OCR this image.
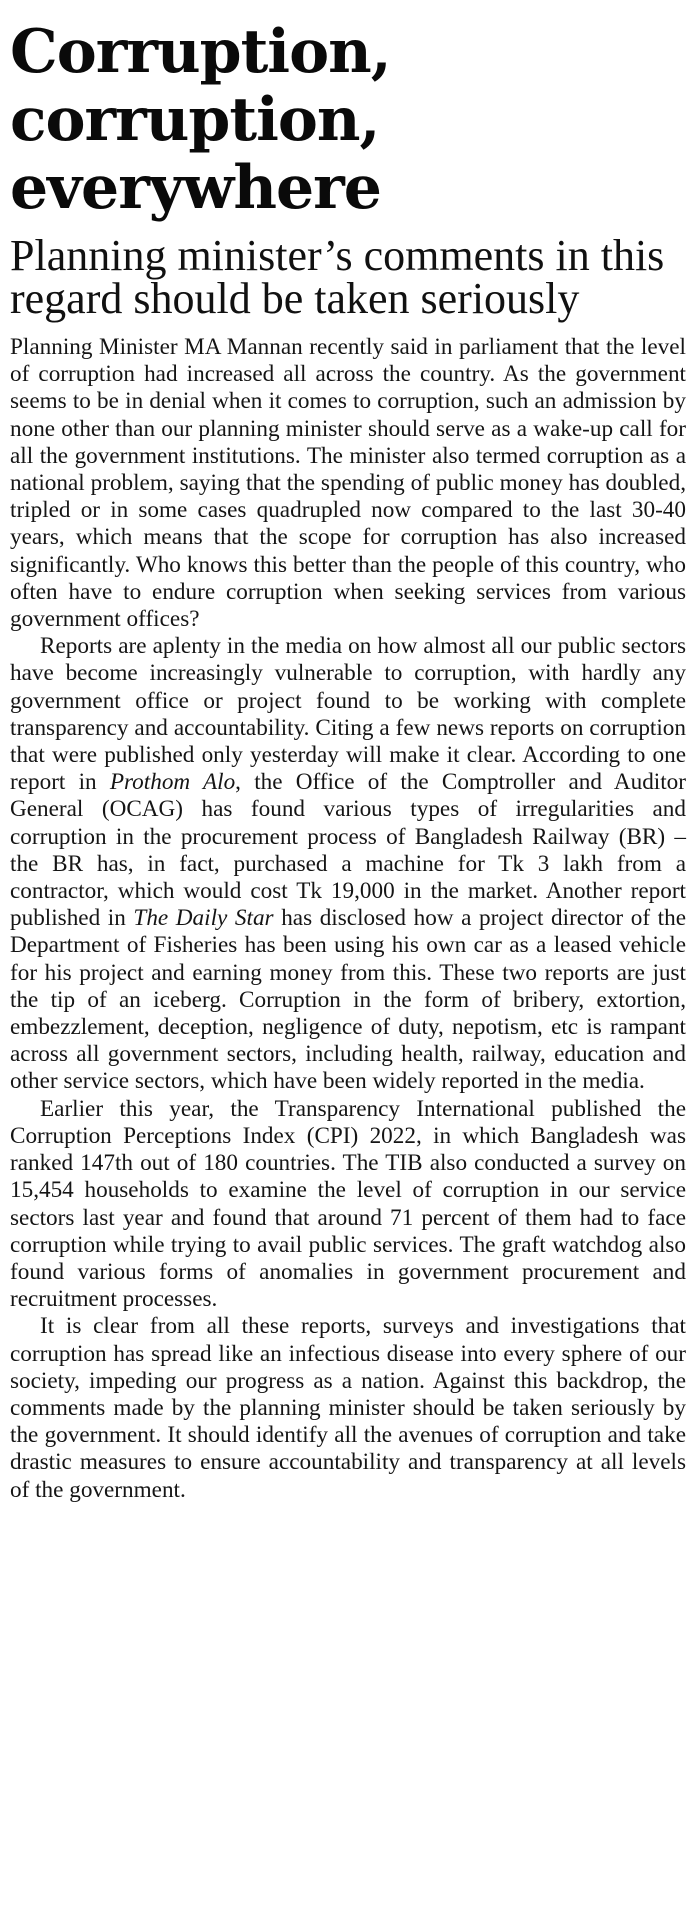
Corruption,
corruption,
everywhere
Planning minister’s comments in this regard should be taken seriously

Planning Minister MA Mannan recently said in parliament that the level of corruption had increased all across the country. As the government seems to be in denial when it comes to corruption, such an admission by none other than our planning minister should serve as a wake-up call for all the government institutions. The minister also termed corruption as a national problem, saying that the spending of public money has doubled, tripled or in some cases quadrupled now compared to the last 30-40 years, which means that the scope for corruption has also increased significantly. Who knows this better than the people of this country, who often have to endure corruption when seeking services from various government offices?

Reports are aplenty in the media on how almost all our public sectors have become increasingly vulnerable to corruption, with hardly any government office or project found to be working with complete transparency and accountability. Citing a few news reports on corruption that were published only yesterday will make it clear. According to one report in Prothom Alo, the Office of the Comptroller and Auditor General (OCAG) has found various types of irregularities and corruption in the procurement process of Bangladesh Railway (BR) – the BR has, in fact, purchased a machine for Tk 3 lakh from a contractor, which would cost Tk 19,000 in the market. Another report published in The Daily Star has disclosed how a project director of the Department of Fisheries has been using his own car as a leased vehicle for his project and earning money from this. These two reports are just the tip of an iceberg. Corruption in the form of bribery, extortion, embezzlement, deception, negligence of duty, nepotism, etc is rampant across all government sectors, including health, railway, education and other service sectors, which have been widely reported in the media.

Earlier this year, the Transparency International published the Corruption Perceptions Index (CPI) 2022, in which Bangladesh was ranked 147th out of 180 countries. The TIB also conducted a survey on 15,454 households to examine the level of corruption in our service sectors last year and found that around 71 percent of them had to face corruption while trying to avail public services. The graft watchdog also found various forms of anomalies in government procurement and recruitment processes.

It is clear from all these reports, surveys and investigations that corruption has spread like an infectious disease into every sphere of our society, impeding our progress as a nation. Against this backdrop, the comments made by the planning minister should be taken seriously by the government. It should identify all the avenues of corruption and take drastic measures to ensure accountability and transparency at all levels of the government.
